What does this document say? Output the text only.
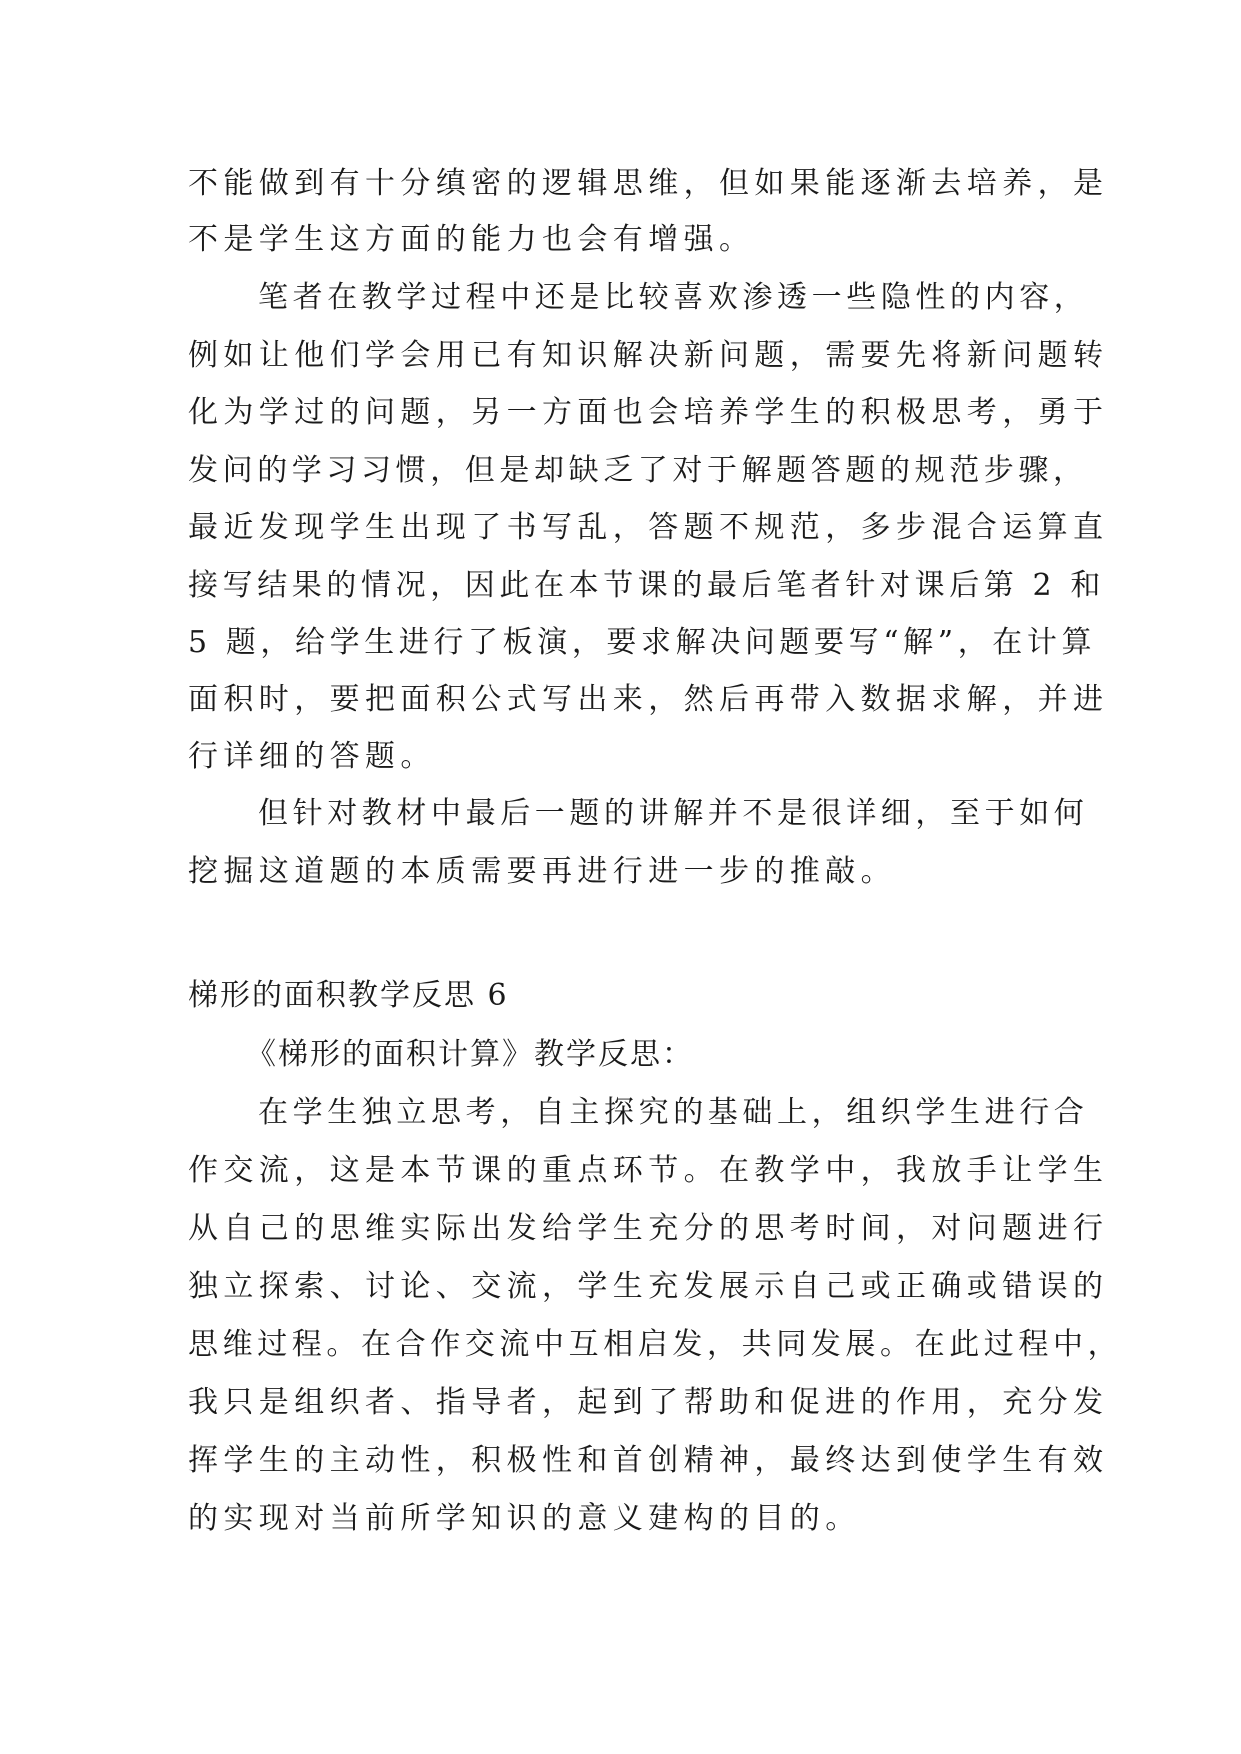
不能做到有十分缜密的逻辑思维，但如果能逐渐去培养，是
不是学生这方面的能力也会有增强。
笔者在教学过程中还是比较喜欢渗透一些隐性的内容，
例如让他们学会用已有知识解决新问题，需要先将新问题转
化为学过的问题，另一方面也会培养学生的积极思考，勇于
发问的学习习惯，但是却缺乏了对于解题答题的规范步骤，
最近发现学生出现了书写乱，答题不规范，多步混合运算直
接写结果的情况，因此在本节课的最后笔者针对课后第 2 和
5 题，给学生进行了板演，要求解决问题要写“解”，在计算
面积时，要把面积公式写出来，然后再带入数据求解，并进
行详细的答题。
但针对教材中最后一题的讲解并不是很详细，至于如何
挖掘这道题的本质需要再进行进一步的推敲。
梯形的面积教学反思 6
《梯形的面积计算》教学反思：
在学生独立思考，自主探究的基础上，组织学生进行合
作交流，这是本节课的重点环节。在教学中，我放手让学生
从自己的思维实际出发给学生充分的思考时间，对问题进行
独立探索、讨论、交流，学生充发展示自己或正确或错误的
思维过程。在合作交流中互相启发，共同发展。在此过程中，
我只是组织者、指导者，起到了帮助和促进的作用，充分发
挥学生的主动性，积极性和首创精神，最终达到使学生有效
的实现对当前所学知识的意义建构的目的。
